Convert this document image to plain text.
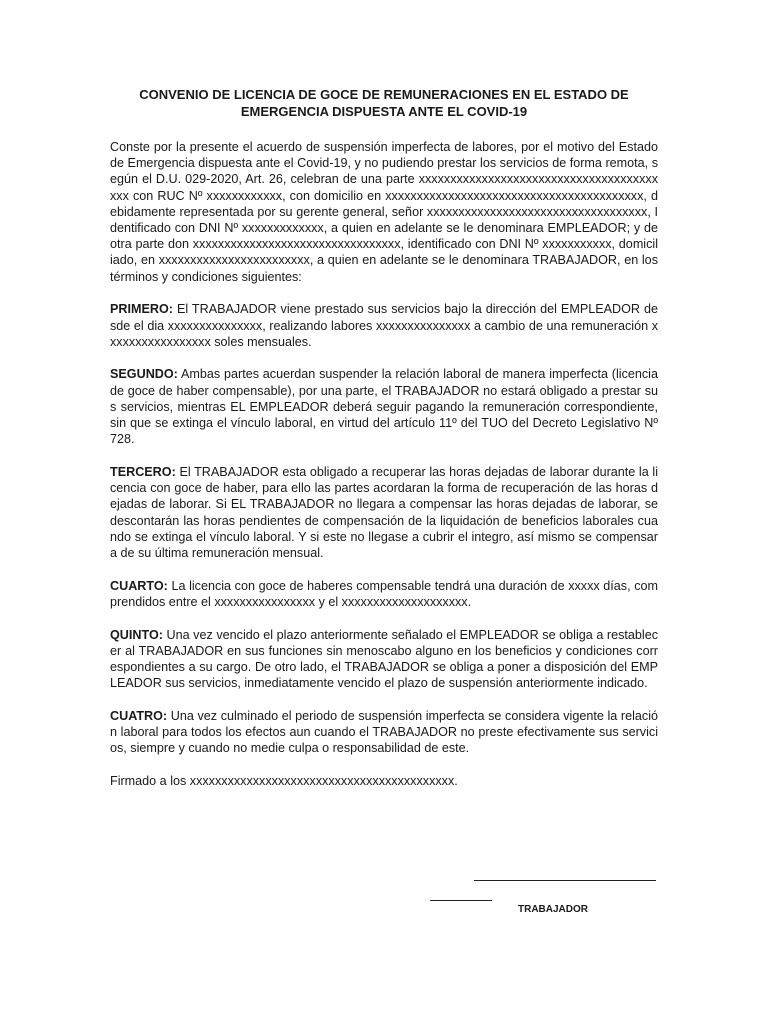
CONVENIO DE LICENCIA DE GOCE DE REMUNERACIONES EN EL ESTADO DE
EMERGENCIA DISPUESTA ANTE EL COVID-19

Conste por la presente el acuerdo de suspensión imperfecta de labores, por el motivo del Estado de Emergencia dispuesta ante el Covid-19, y no pudiendo prestar los servicios de forma remota, según el D.U. 029-2020, Art. 26, celebran de una parte xxxxxxxxxxxxxxxxxxxxxxxxxxxxxxxxxxxxxxxxx con RUC Nº xxxxxxxxxxxx, con domicilio en xxxxxxxxxxxxxxxxxxxxxxxxxxxxxxxxxxxxxxxxx, debidamente representada por su gerente general, señor xxxxxxxxxxxxxxxxxxxxxxxxxxxxxxxxxxx, Identificado con DNI Nº xxxxxxxxxxxxx, a quien en adelante se le denominara EMPLEADOR; y de otra parte don xxxxxxxxxxxxxxxxxxxxxxxxxxxxxxxxx, identificado con DNI Nº xxxxxxxxxxx, domiciliado, en xxxxxxxxxxxxxxxxxxxxxxxx, a quien en adelante se le denominara TRABAJADOR, en los términos y condiciones siguientes:

PRIMERO: El TRABAJADOR viene prestado sus servicios bajo la dirección del EMPLEADOR desde el dia xxxxxxxxxxxxxxx, realizando labores xxxxxxxxxxxxxxx a cambio de una remuneración xxxxxxxxxxxxxxxxx soles mensuales.

SEGUNDO: Ambas partes acuerdan suspender la relación laboral de manera imperfecta (licencia de goce de haber compensable), por una parte, el TRABAJADOR no estará obligado a prestar sus servicios, mientras EL EMPLEADOR deberá seguir pagando la remuneración correspondiente, sin que se extinga el vínculo laboral, en virtud del artículo 11º del TUO del Decreto Legislativo Nº 728.

TERCERO: El TRABAJADOR esta obligado a recuperar las horas dejadas de laborar durante la licencia con goce de haber, para ello las partes acordaran la forma de recuperación de las horas dejadas de laborar. Si EL TRABAJADOR no llegara a compensar las horas dejadas de laborar, se descontarán las horas pendientes de compensación de la liquidación de beneficios laborales cuando se extinga el vínculo laboral. Y si este no llegase a cubrir el integro, así mismo se compensara de su última remuneración mensual.

CUARTO: La licencia con goce de haberes compensable tendrá una duración de xxxxx días, comprendidos entre el xxxxxxxxxxxxxxxx y el xxxxxxxxxxxxxxxxxxxx.

QUINTO: Una vez vencido el plazo anteriormente señalado el EMPLEADOR se obliga a restablecer al TRABAJADOR en sus funciones sin menoscabo alguno en los beneficios y condiciones correspondientes a su cargo. De otro lado, el TRABAJADOR se obliga a poner a disposición del EMPLEADOR sus servicios, inmediatamente vencido el plazo de suspensión anteriormente indicado.

CUATRO: Una vez culminado el periodo de suspensión imperfecta se considera vigente la relación laboral para todos los efectos aun cuando el TRABAJADOR no preste efectivamente sus servicios, siempre y cuando no medie culpa o responsabilidad de este.

Firmado a los xxxxxxxxxxxxxxxxxxxxxxxxxxxxxxxxxxxxxxxxxx.

TRABAJADOR
